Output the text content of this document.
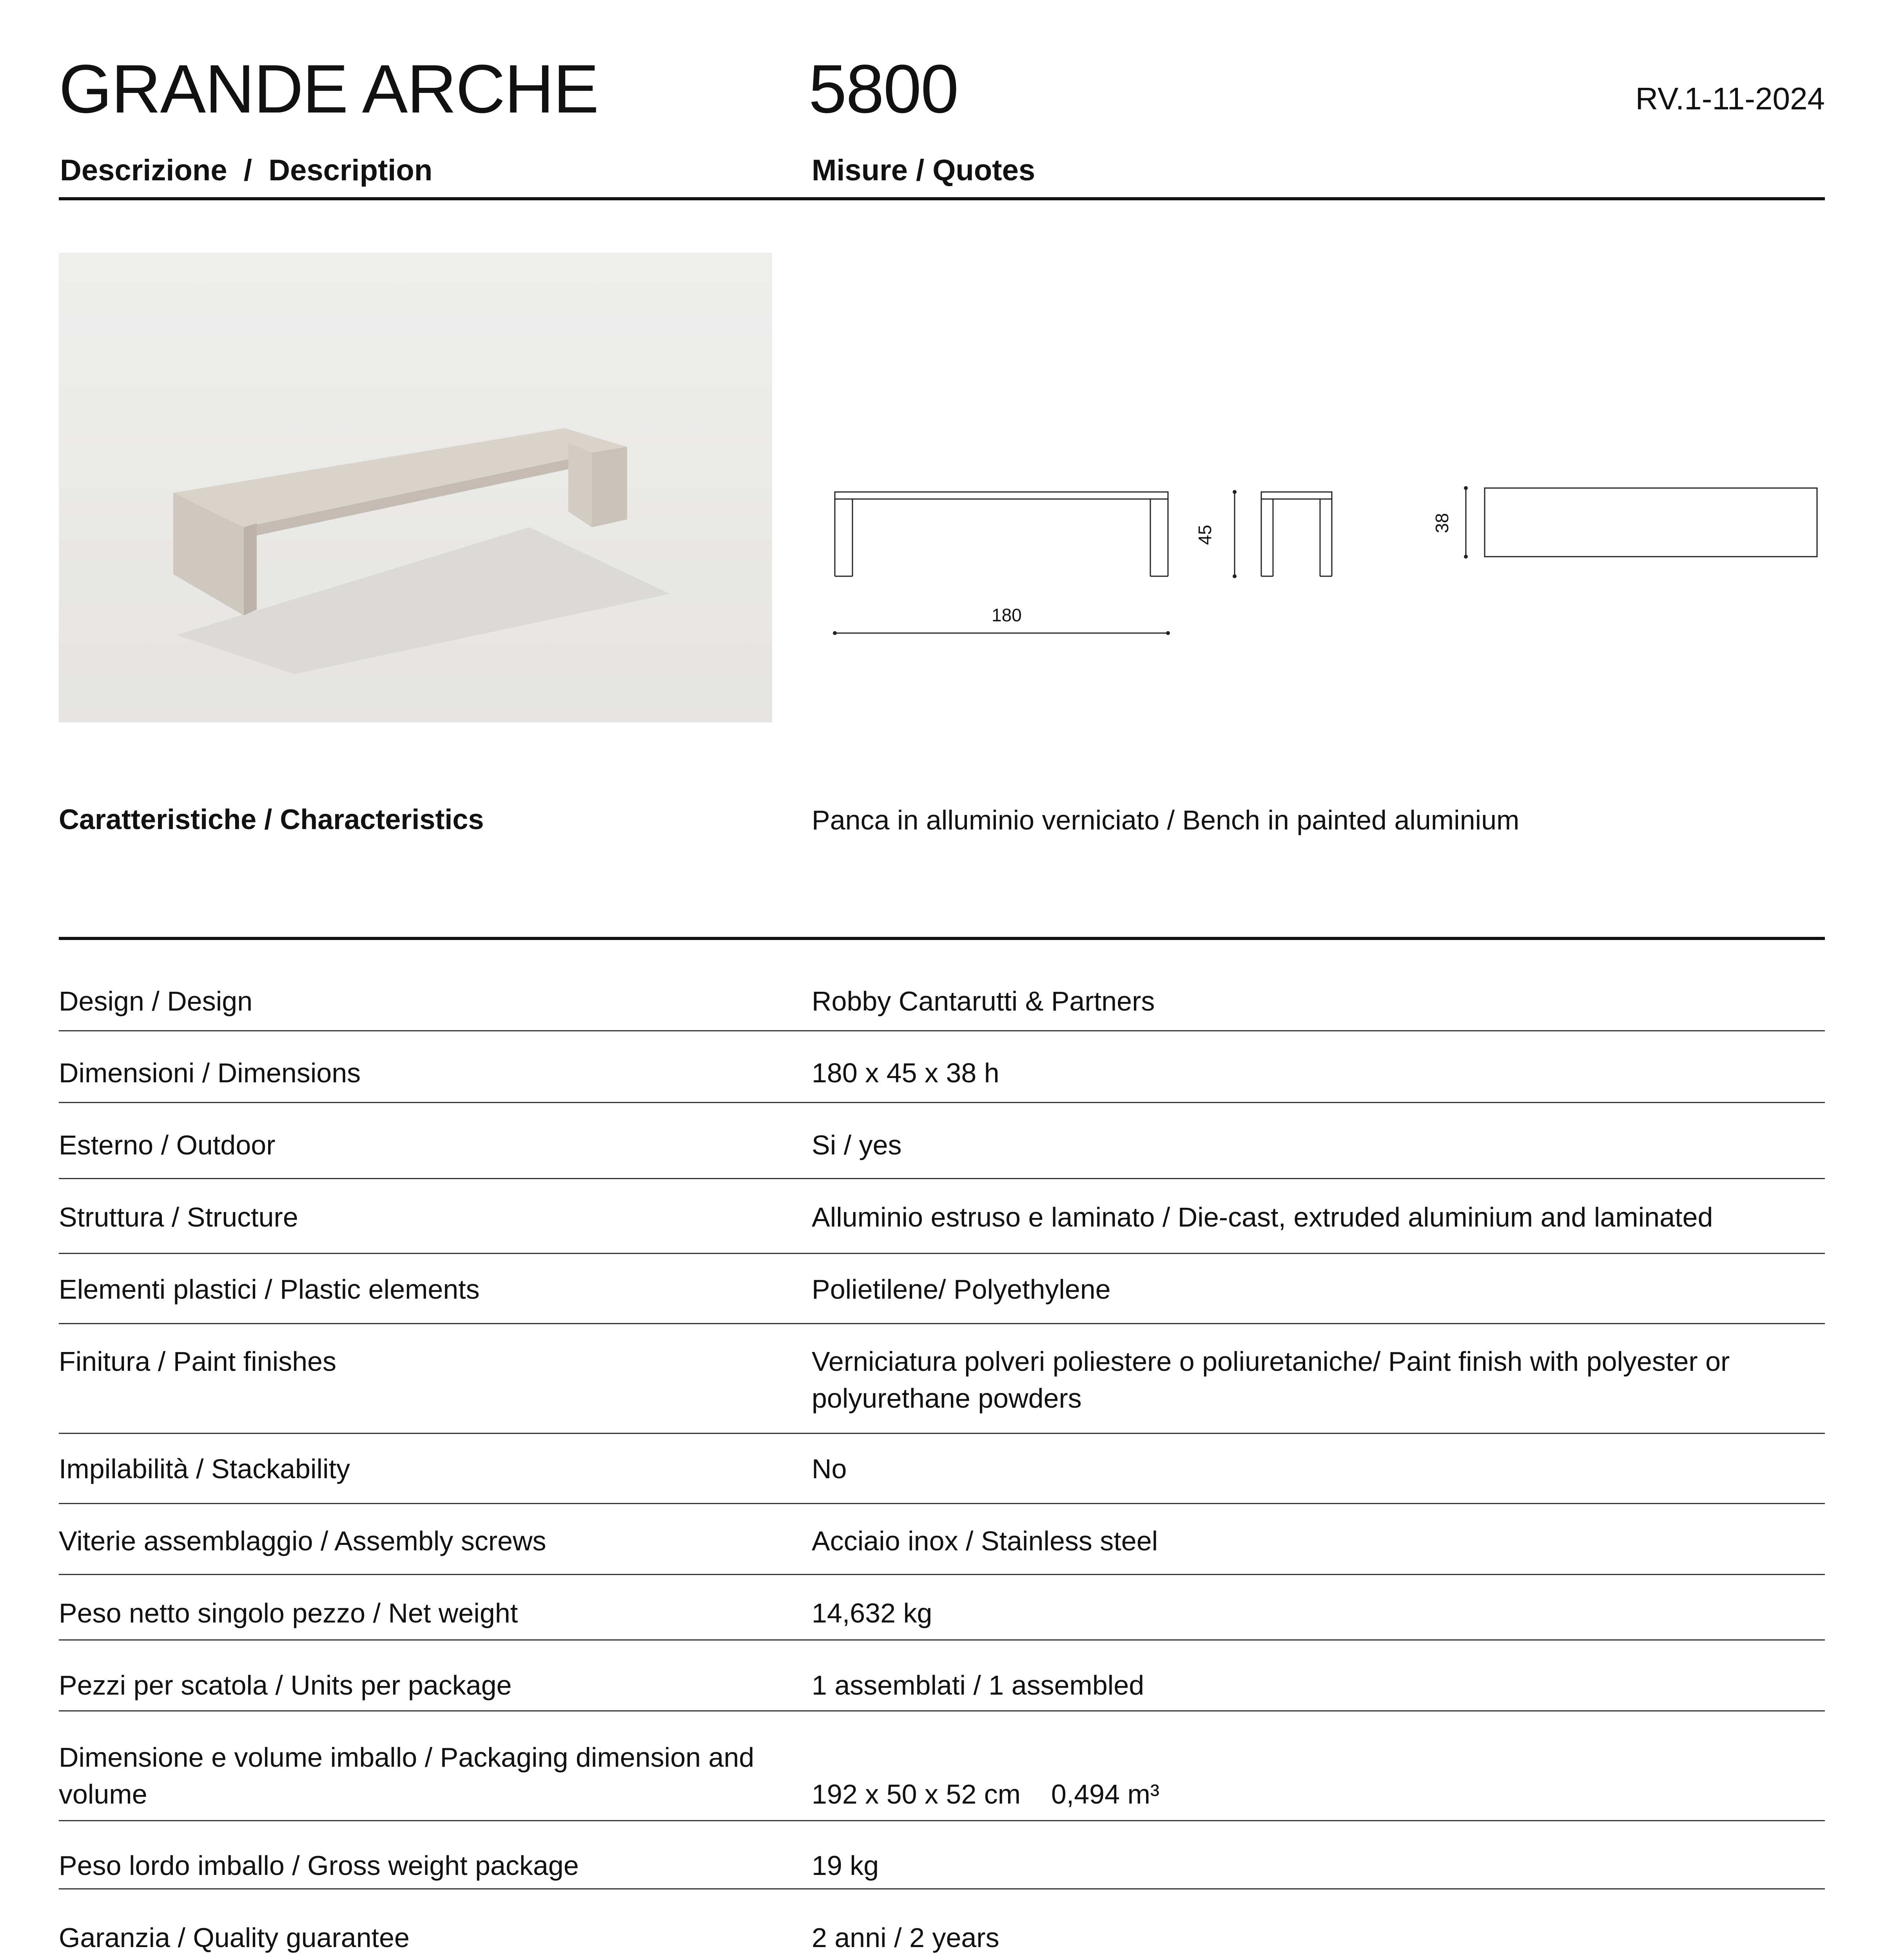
GRANDE ARCHE	5800	RV.1-11-2024
Descrizione  /  Description	Misure / Quotes
180
45
38
Caratteristiche / Characteristics	Panca in alluminio verniciato / Bench in painted aluminium
Design / Design	Robby Cantarutti & Partners
Dimensioni / Dimensions	180 x 45 x 38 h
Esterno / Outdoor	Si / yes
Struttura / Structure	Alluminio estruso e laminato / Die-cast, extruded aluminium and laminated
Elementi plastici / Plastic elements	Polietilene/ Polyethylene
Finitura / Paint finishes	Verniciatura polveri poliestere o poliuretaniche/ Paint finish with polyester or polyurethane powders
Impilabilità / Stackability	No
Viterie assemblaggio / Assembly screws	Acciaio inox / Stainless steel
Peso netto singolo pezzo / Net weight	14,632 kg
Pezzi per scatola / Units per package	1 assemblati / 1 assembled
Dimensione e volume imballo / Packaging dimension and volume	192 x 50 x 52 cm    0,494 m³
Peso lordo imballo / Gross weight package	19 kg
Garanzia / Quality guarantee	2 anni / 2 years
